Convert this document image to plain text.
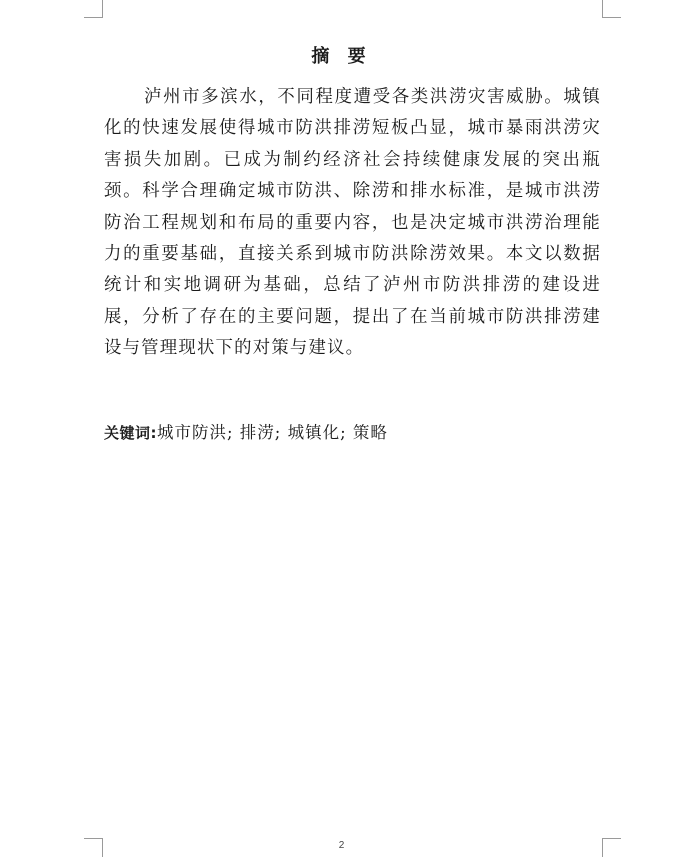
摘 要

泸州市多滨水，不同程度遭受各类洪涝灾害威胁。城镇化的快速发展使得城市防洪排涝短板凸显，城市暴雨洪涝灾害损失加剧。已成为制约经济社会持续健康发展的突出瓶颈。科学合理确定城市防洪、除涝和排水标准，是城市洪涝防治工程规划和布局的重要内容，也是决定城市洪涝治理能力的重要基础，直接关系到城市防洪除涝效果。本文以数据统计和实地调研为基础，总结了泸州市防洪排涝的建设进展，分析了存在的主要问题，提出了在当前城市防洪排涝建设与管理现状下的对策与建议。

关键词:城市防洪; 排涝; 城镇化; 策略
2
